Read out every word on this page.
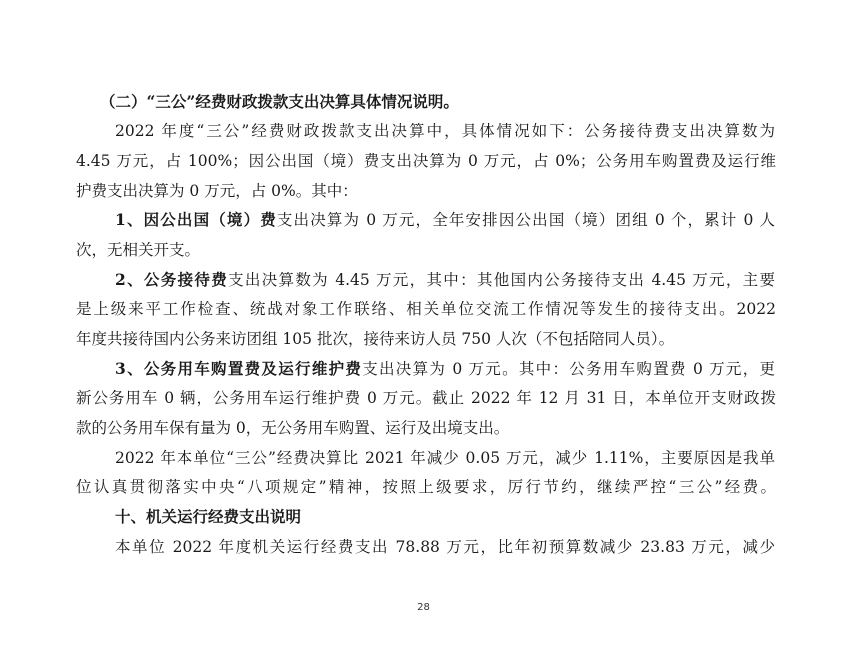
（二）“三公”经费财政拨款支出决算具体情况说明。
2022 年度“三公”经费财政拨款支出决算中，具体情况如下：公务接待费支出决算数为
4.45 万元，占 100%；因公出国（境）费支出决算为 0 万元，占 0%；公务用车购置费及运行维
护费支出决算为 0 万元，占 0%。其中：
1、因公出国（境）费支出决算为 0 万元，全年安排因公出国（境）团组 0 个，累计 0 人
次，无相关开支。
2、公务接待费支出决算数为 4.45 万元，其中：其他国内公务接待支出 4.45 万元，主要
是上级来平工作检查、统战对象工作联络、相关单位交流工作情况等发生的接待支出。2022
年度共接待国内公务来访团组 105 批次，接待来访人员 750 人次（不包括陪同人员）。
3、公务用车购置费及运行维护费支出决算为 0 万元。其中：公务用车购置费 0 万元，更
新公务用车 0 辆，公务用车运行维护费 0 万元。截止 2022 年 12 月 31 日，本单位开支财政拨
款的公务用车保有量为 0，无公务用车购置、运行及出境支出。
2022 年本单位“三公”经费决算比 2021 年减少 0.05 万元，减少 1.11%，主要原因是我单
位认真贯彻落实中央“八项规定”精神，按照上级要求，厉行节约，继续严控“三公”经费。
十、机关运行经费支出说明
本单位 2022 年度机关运行经费支出 78.88 万元，比年初预算数减少 23.83 万元，减少
28
